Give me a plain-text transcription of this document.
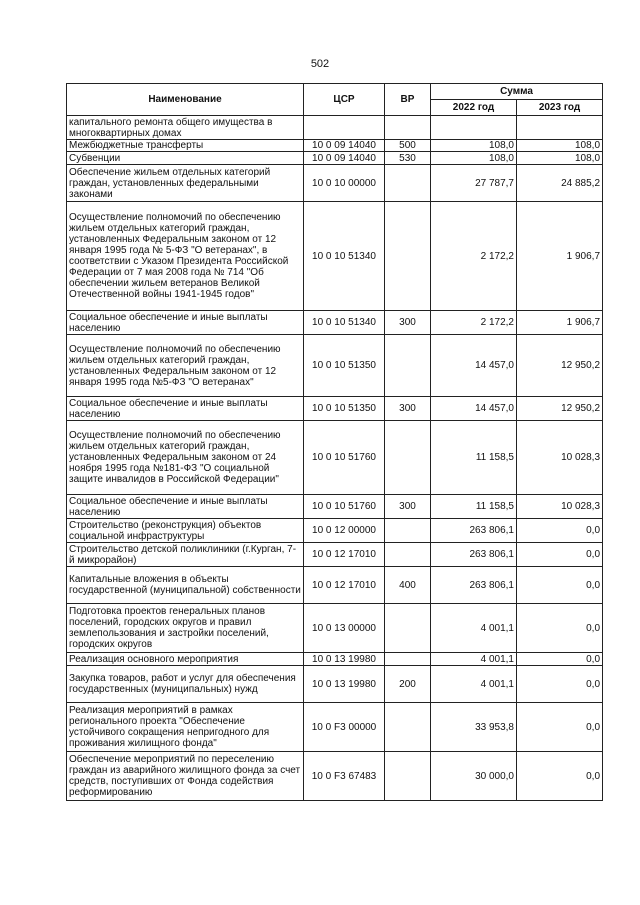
502
Наименование	ЦСР	ВР	Сумма	
			2022 год	2023 год
капитального ремонта общего имущества в многоквартирных домах				
Межбюджетные трансферты	10 0 09 14040	500	108,0	108,0
Субвенции	10 0 09 14040	530	108,0	108,0
Обеспечение жильем отдельных категорий граждан, установленных федеральными законами	10 0 10 00000		27 787,7	24 885,2
Осуществление полномочий по обеспечению жильем отдельных категорий граждан, установленных Федеральным законом от 12 января 1995 года № 5-ФЗ "О ветеранах", в соответствии с Указом Президента Российской Федерации от 7 мая 2008 года № 714 "Об обеспечении жильем ветеранов Великой Отечественной войны 1941-1945 годов"	10 0 10 51340		2 172,2	1 906,7
Социальное обеспечение и иные выплаты населению	10 0 10 51340	300	2 172,2	1 906,7
Осуществление полномочий по обеспечению жильем отдельных категорий граждан, установленных Федеральным законом от 12 января 1995 года №5-ФЗ "О ветеранах"	10 0 10 51350		14 457,0	12 950,2
Социальное обеспечение и иные выплаты населению	10 0 10 51350	300	14 457,0	12 950,2
Осуществление полномочий по обеспечению жильем отдельных категорий граждан, установленных Федеральным законом от 24 ноября 1995 года №181-ФЗ "О социальной защите инвалидов в Российской Федерации"	10 0 10 51760		11 158,5	10 028,3
Социальное обеспечение и иные выплаты населению	10 0 10 51760	300	11 158,5	10 028,3
Строительство (реконструкция) объектов социальной инфраструктуры	10 0 12 00000		263 806,1	0,0
Строительство детской поликлиники (г.Курган, 7-й микрорайон)	10 0 12 17010		263 806,1	0,0
Капитальные вложения в объекты государственной (муниципальной) собственности	10 0 12 17010	400	263 806,1	0,0
Подготовка проектов генеральных планов поселений, городских округов и правил землепользования и застройки поселений, городских округов	10 0 13 00000		4 001,1	0,0
Реализация основного мероприятия	10 0 13 19980		4 001,1	0,0
Закупка товаров, работ и услуг для обеспечения государственных (муниципальных) нужд	10 0 13 19980	200	4 001,1	0,0
Реализация мероприятий в рамках регионального проекта "Обеспечение устойчивого сокращения непригодного для проживания жилищного фонда"	10 0 F3 00000		33 953,8	0,0
Обеспечение мероприятий по переселению граждан из аварийного жилищного фонда за счет средств, поступивших от Фонда содействия реформированию	10 0 F3 67483		30 000,0	0,0
